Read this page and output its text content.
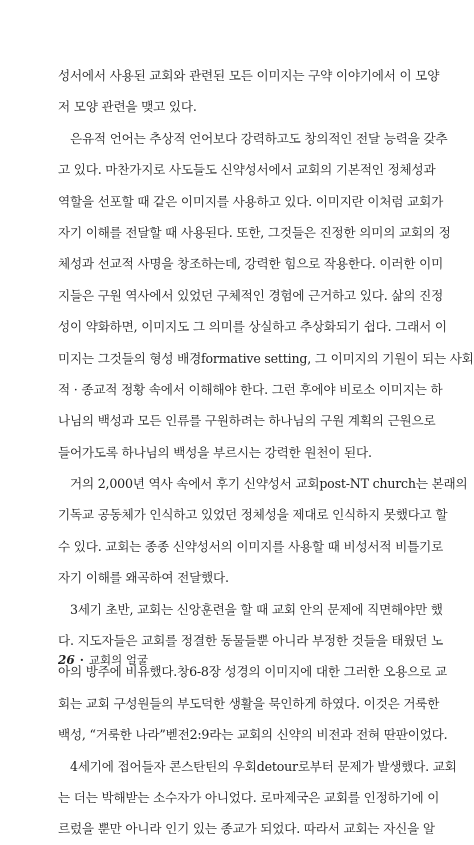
성서에서 사용된 교회와 관련된 모든 이미지는 구약 이야기에서 이 모양
저 모양 관련을 맺고 있다.
은유적 언어는 추상적 언어보다 강력하고도 창의적인 전달 능력을 갖추
고 있다. 마찬가지로 사도들도 신약성서에서 교회의 기본적인 정체성과
역할을 선포할 때 같은 이미지를 사용하고 있다. 이미지란 이처럼 교회가
자기 이해를 전달할 때 사용된다. 또한, 그것들은 진정한 의미의 교회의 정
체성과 선교적 사명을 창조하는데, 강력한 힘으로 작용한다. 이러한 이미
지들은 구원 역사에서 있었던 구체적인 경험에 근거하고 있다. 삶의 진정
성이 약화하면, 이미지도 그 의미를 상실하고 추상화되기 쉽다. 그래서 이
미지는 그것들의 형성 배경formative setting, 그 이미지의 기원이 되는 사회
적 · 종교적 정황 속에서 이해해야 한다. 그런 후에야 비로소 이미지는 하
나님의 백성과 모든 인류를 구원하려는 하나님의 구원 계획의 근원으로
들어가도록 하나님의 백성을 부르시는 강력한 원천이 된다.
거의 2,000년 역사 속에서 후기 신약성서 교회post-NT church는 본래의
기독교 공동체가 인식하고 있었던 정체성을 제대로 인식하지 못했다고 할
수 있다. 교회는 종종 신약성서의 이미지를 사용할 때 비성서적 비틀기로
자기 이해를 왜곡하여 전달했다.
3세기 초반, 교회는 신앙훈련을 할 때 교회 안의 문제에 직면해야만 했
다. 지도자들은 교회를 정결한 동물들뿐 아니라 부정한 것들을 태웠던 노
아의 방주에 비유했다.창6-8장 성경의 이미지에 대한 그러한 오용으로 교
회는 교회 구성원들의 부도덕한 생활을 묵인하게 하였다. 이것은 거룩한
백성, “거룩한 나라”벧전2:9라는 교회의 신약의 비전과 전혀 딴판이었다.
4세기에 접어들자 콘스탄틴의 우회detour로부터 문제가 발생했다. 교회
는 더는 박해받는 소수자가 아니었다. 로마제국은 교회를 인정하기에 이
르렀을 뿐만 아니라 인기 있는 종교가 되었다. 따라서 교회는 자신을 알
26 · 교회의 얼굴
